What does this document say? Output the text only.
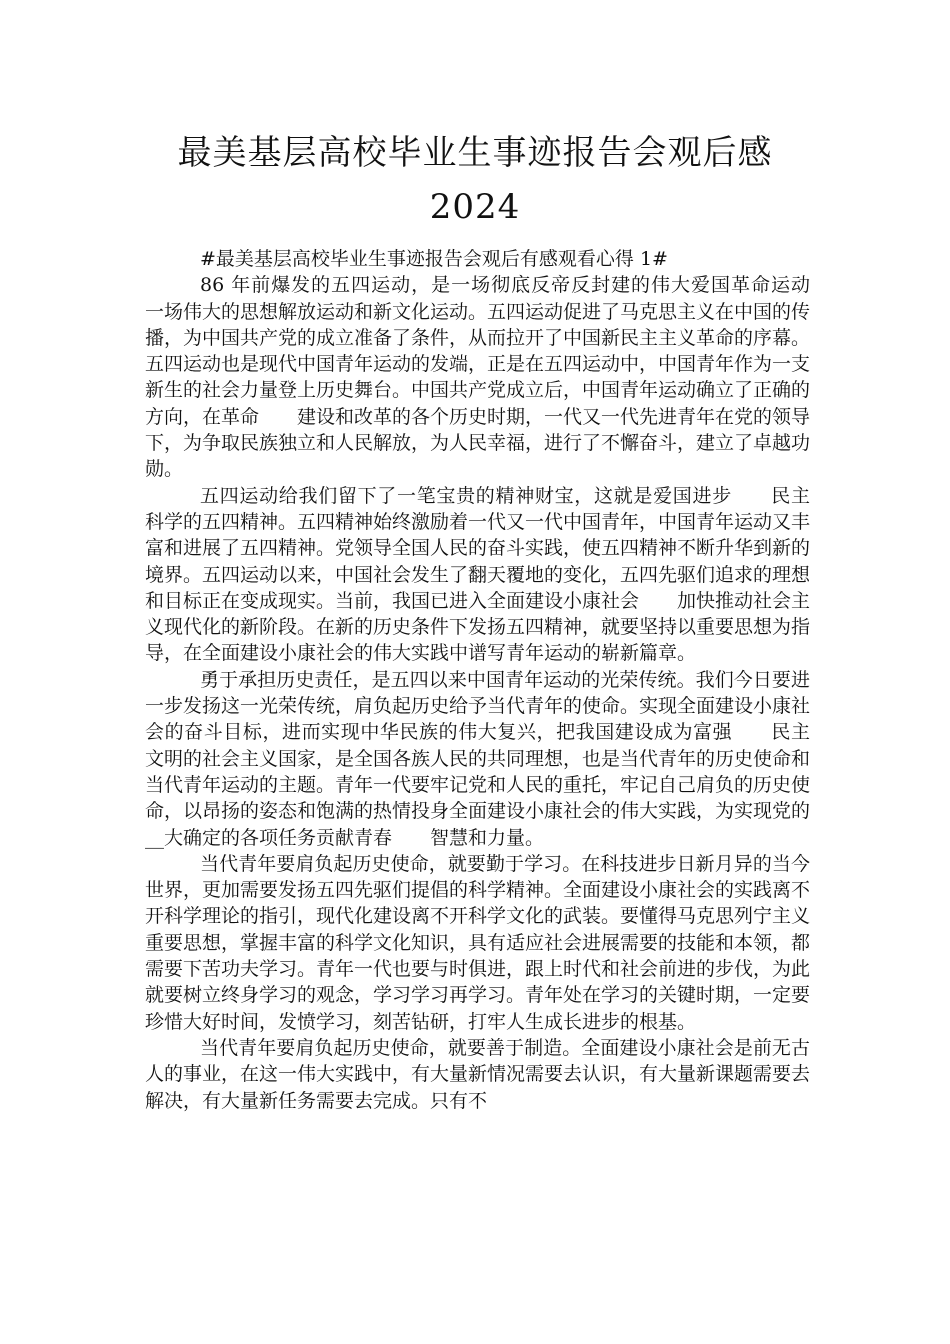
最美基层高校毕业生事迹报告会观后感
2024

#最美基层高校毕业生事迹报告会观后有感观看心得 1#

86 年前爆发的五四运动，是一场彻底反帝反封建的伟大爱国革命运动　　一场伟大的思想解放运动和新文化运动。五四运动促进了马克思主义在中国的传播，为中国共产党的成立准备了条件，从而拉开了中国新民主主义革命的序幕。五四运动也是现代中国青年运动的发端，正是在五四运动中，中国青年作为一支新生的社会力量登上历史舞台。中国共产党成立后，中国青年运动确立了正确的方向，在革命　　建设和改革的各个历史时期，一代又一代先进青年在党的领导下，为争取民族独立和人民解放，为人民幸福，进行了不懈奋斗，建立了卓越功勋。

五四运动给我们留下了一笔宝贵的精神财宝，这就是爱国进步　　民主　　科学的五四精神。五四精神始终激励着一代又一代中国青年，中国青年运动又丰富和进展了五四精神。党领导全国人民的奋斗实践，使五四精神不断升华到新的境界。五四运动以来，中国社会发生了翻天覆地的变化，五四先驱们追求的理想和目标正在变成现实。当前，我国已进入全面建设小康社会　　加快推动社会主义现代化的新阶段。在新的历史条件下发扬五四精神，就要坚持以重要思想为指导，在全面建设小康社会的伟大实践中谱写青年运动的崭新篇章。

勇于承担历史责任，是五四以来中国青年运动的光荣传统。我们今日要进一步发扬这一光荣传统，肩负起历史给予当代青年的使命。实现全面建设小康社会的奋斗目标，进而实现中华民族的伟大复兴，把我国建设成为富强　　民主　　文明的社会主义国家，是全国各族人民的共同理想，也是当代青年的历史使命和当代青年运动的主题。青年一代要牢记党和人民的重托，牢记自己肩负的历史使命，以昂扬的姿态和饱满的热情投身全面建设小康社会的伟大实践，为实现党的__大确定的各项任务贡献青春　　智慧和力量。

当代青年要肩负起历史使命，就要勤于学习。在科技进步日新月异的当今世界，更加需要发扬五四先驱们提倡的科学精神。全面建设小康社会的实践离不开科学理论的指引，现代化建设离不开科学文化的武装。要懂得马克思列宁主义重要思想，掌握丰富的科学文化知识，具有适应社会进展需要的技能和本领，都需要下苦功夫学习。青年一代也要与时俱进，跟上时代和社会前进的步伐，为此就要树立终身学习的观念，学习学习再学习。青年处在学习的关键时期，一定要珍惜大好时间，发愤学习，刻苦钻研，打牢人生成长进步的根基。

当代青年要肩负起历史使命，就要善于制造。全面建设小康社会是前无古人的事业，在这一伟大实践中，有大量新情况需要去认识，有大量新课题需要去解决，有大量新任务需要去完成。只有不
